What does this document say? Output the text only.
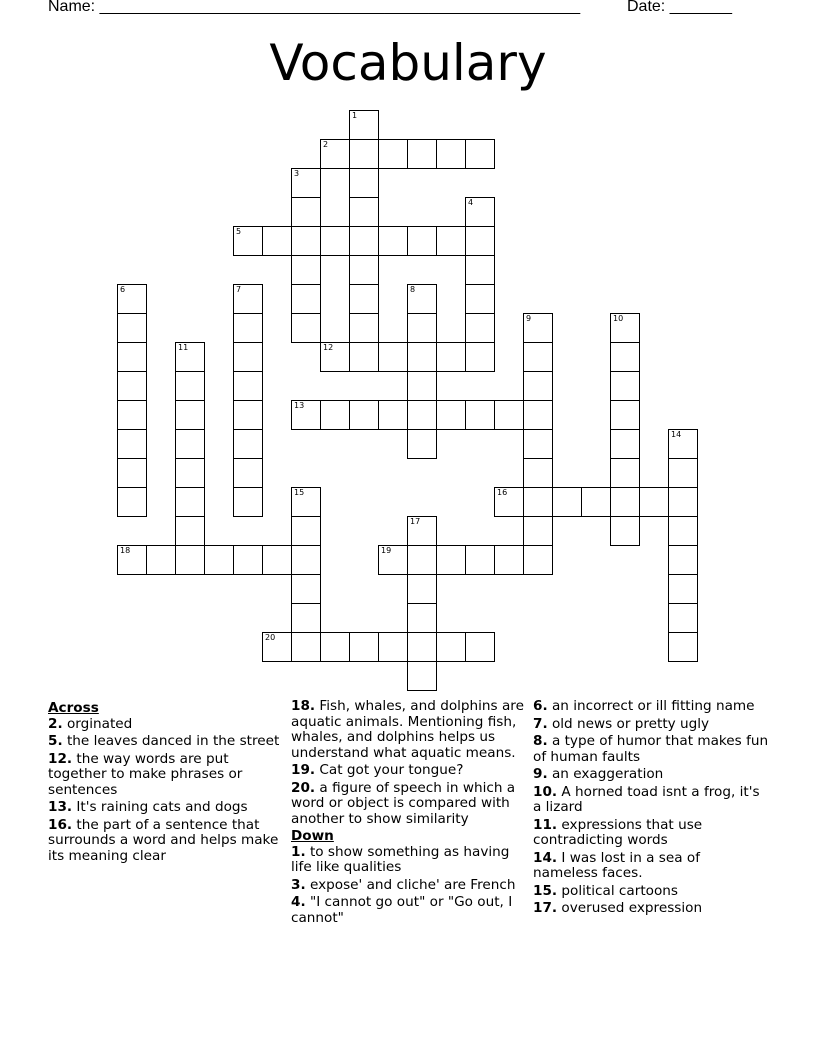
Name: ______________________________________________________

	Date: _______

Vocabulary
1
2
3
4
5
6	7	8
9	10
11	12
13
14
15	16
17
18	19
20
Across
2. orginated
5. the leaves danced in the street
12. the way words are put together to make phrases or sentences
13. It's raining cats and dogs
16. the part of a sentence that surrounds a word and helps make its meaning clear
18. Fish, whales, and dolphins are aquatic animals. Mentioning fish, whales, and dolphins helps us understand what aquatic means.
19. Cat got your tongue?
20. a figure of speech in which a word or object is compared with another to show similarity
Down
1. to show something as having life like qualities
3. expose' and cliche' are French
4. "I cannot go out" or "Go out, I cannot"
6. an incorrect or ill fitting name
7. old news or pretty ugly
8. a type of humor that makes fun of human faults
9. an exaggeration
10. A horned toad isnt a frog, it's a lizard
11. expressions that use contradicting words
14. I was lost in a sea of nameless faces.
15. political cartoons
17. overused expression
